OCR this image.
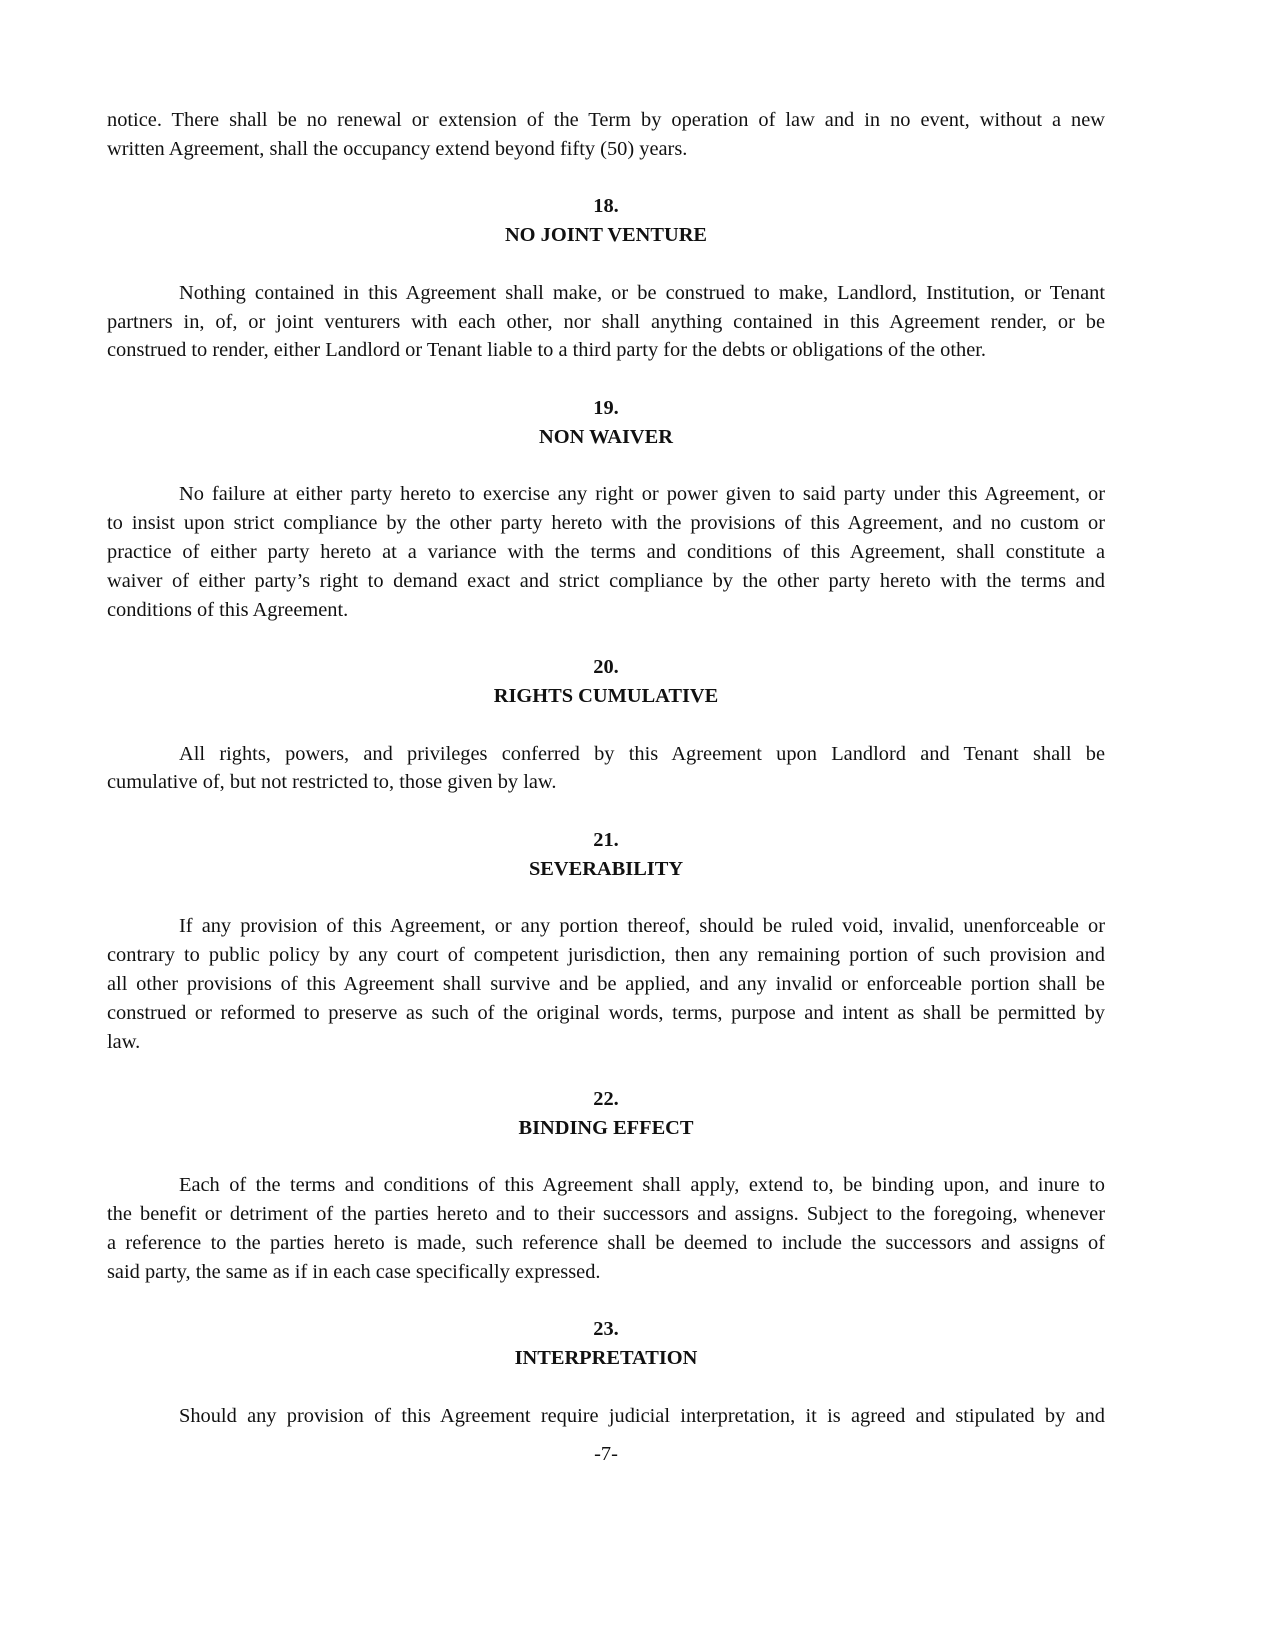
notice. There shall be no renewal or extension of the Term by operation of law and in no event, without a new
written Agreement, shall the occupancy extend beyond fifty (50) years.
18.
NO JOINT VENTURE
Nothing contained in this Agreement shall make, or be construed to make, Landlord, Institution, or Tenant
partners in, of, or joint venturers with each other, nor shall anything contained in this Agreement render, or be
construed to render, either Landlord or Tenant liable to a third party for the debts or obligations of the other.
19.
NON WAIVER
No failure at either party hereto to exercise any right or power given to said party under this Agreement, or
to insist upon strict compliance by the other party hereto with the provisions of this Agreement, and no custom or
practice of either party hereto at a variance with the terms and conditions of this Agreement, shall constitute a
waiver of either party’s right to demand exact and strict compliance by the other party hereto with the terms and
conditions of this Agreement.
20.
RIGHTS CUMULATIVE
All rights, powers, and privileges conferred by this Agreement upon Landlord and Tenant shall be
cumulative of, but not restricted to, those given by law.
21.
SEVERABILITY
If any provision of this Agreement, or any portion thereof, should be ruled void, invalid, unenforceable or
contrary to public policy by any court of competent jurisdiction, then any remaining portion of such provision and
all other provisions of this Agreement shall survive and be applied, and any invalid or enforceable portion shall be
construed or reformed to preserve as such of the original words, terms, purpose and intent as shall be permitted by
law.
22.
BINDING EFFECT
Each of the terms and conditions of this Agreement shall apply, extend to, be binding upon, and inure to
the benefit or detriment of the parties hereto and to their successors and assigns. Subject to the foregoing, whenever
a reference to the parties hereto is made, such reference shall be deemed to include the successors and assigns of
said party, the same as if in each case specifically expressed.
23.
INTERPRETATION
Should any provision of this Agreement require judicial interpretation, it is agreed and stipulated by and
-7-
